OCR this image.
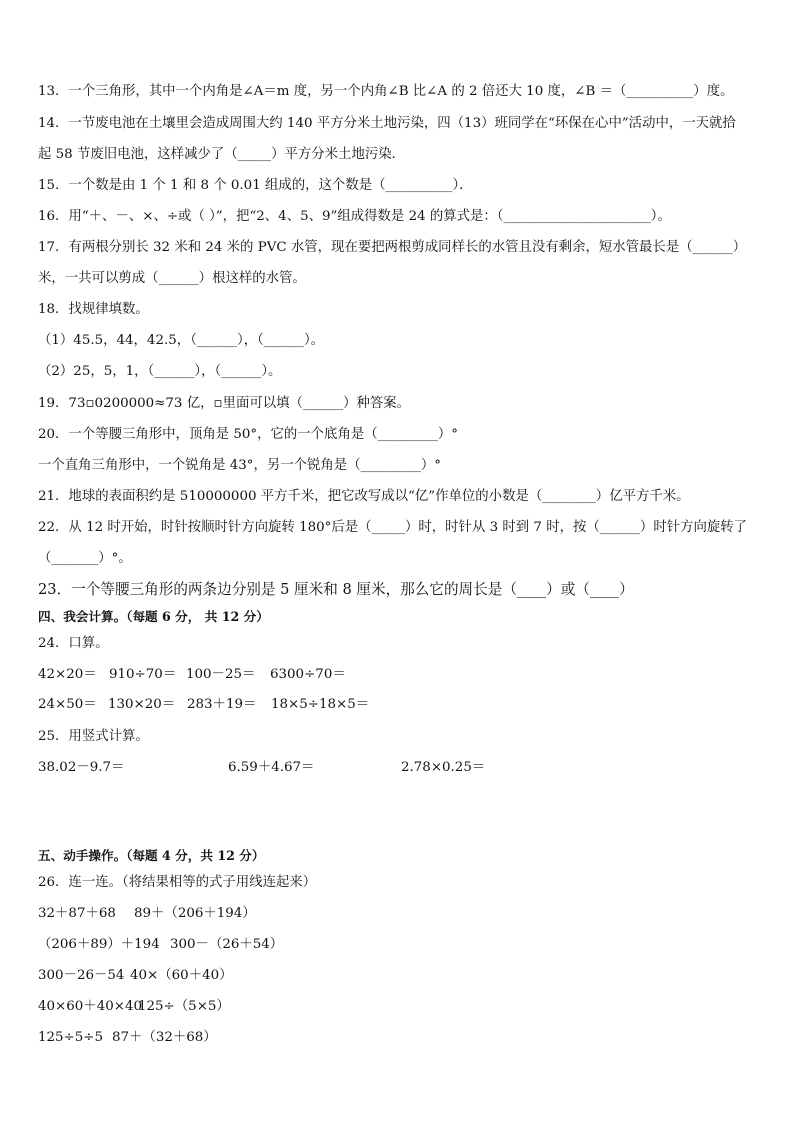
13．一个三角形，其中一个内角是∠A＝m 度，另一个内角∠B 比∠A 的 2 倍还大 10 度，∠B ＝（__________）度。
14．一节废电池在土壤里会造成周围大约 140 平方分米土地污染，四（13）班同学在“环保在心中”活动中，一天就拾
起 58 节废旧电池，这样减少了（_____）平方分米土地污染．
15．一个数是由 1 个 1 和 8 个 0.01 组成的，这个数是（__________）．
16．用“＋、－、×、÷或（ ）”，把“2、4、5、9”组成得数是 24 的算式是：（______________________）。
17．有两根分别长 32 米和 24 米的 PVC 水管，现在要把两根剪成同样长的水管且没有剩余，短水管最长是（______）
米，一共可以剪成（______）根这样的水管。
18．找规律填数。
（1）45.5，44，42.5，（______），（______）。
（2）25，5，1，（______），（______）。
19．73▫0200000≈73 亿，▫里面可以填（______）种答案。
20．一个等腰三角形中，顶角是 50°，它的一个底角是（_________）°
一个直角三角形中，一个锐角是 43°，另一个锐角是（_________）°
21．地球的表面积约是 510000000 平方千米，把它改写成以“亿”作单位的小数是（________）亿平方千米。
22．从 12 时开始，时针按顺时针方向旋转 180°后是（_____）时，时针从 3 时到 7 时，按（______）时针方向旋转了
（_______）°。
23．一个等腰三角形的两条边分别是 5 厘米和 8 厘米，那么它的周长是（____）或（____）
四、我会计算。（每题 6 分， 共 12 分）
24．口算。
42×20＝ 910÷70＝ 100－25＝ 6300÷70＝
24×50＝ 130×20＝ 283＋19＝ 18×5÷18×5＝
25．用竖式计算。
38.02－9.7＝	6.59＋4.67＝	2.78×0.25＝
五、动手操作。（每题 4 分，共 12 分）
26．连一连。（将结果相等的式子用线连起来）
32＋87＋68 89＋（206＋194）
（206＋89）＋194 300－（26＋54）
300－26－54 40×（60＋40）
40×60＋40×40125÷（5×5）
125÷5÷5 87＋（32＋68）
